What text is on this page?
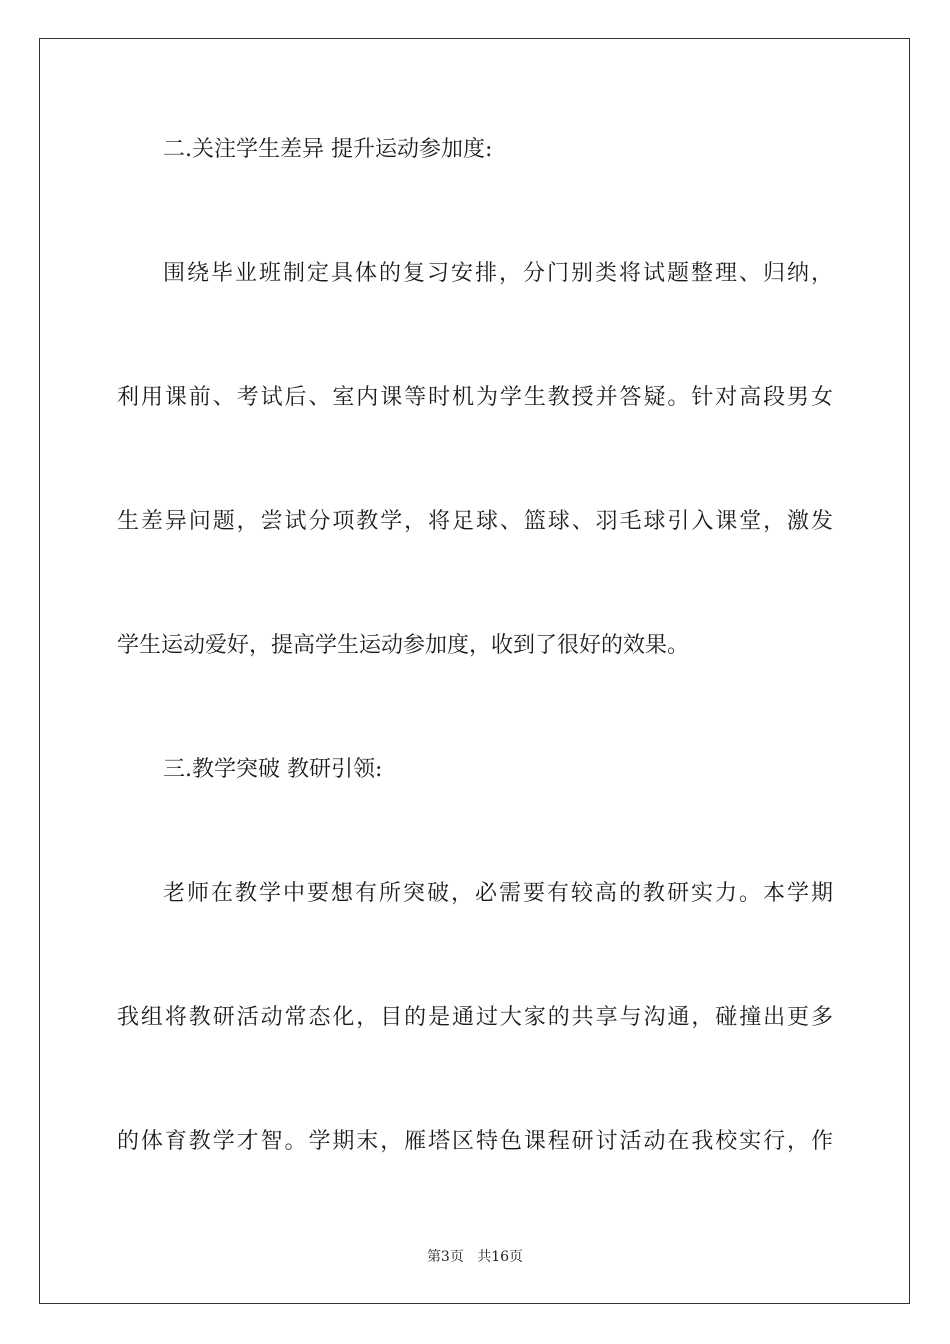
二.关注学生差异 提升运动参加度:
围绕毕业班制定具体的复习安排，分门别类将试题整理、归纳，
利用课前、考试后、室内课等时机为学生教授并答疑。针对高段男女
生差异问题，尝试分项教学，将足球、篮球、羽毛球引入课堂，激发
学生运动爱好，提高学生运动参加度，收到了很好的效果。
三.教学突破 教研引领:
老师在教学中要想有所突破，必需要有较高的教研实力。本学期
我组将教研活动常态化，目的是通过大家的共享与沟通，碰撞出更多
的体育教学才智。学期末，雁塔区特色课程研讨活动在我校实行，作
第3页 共16页
